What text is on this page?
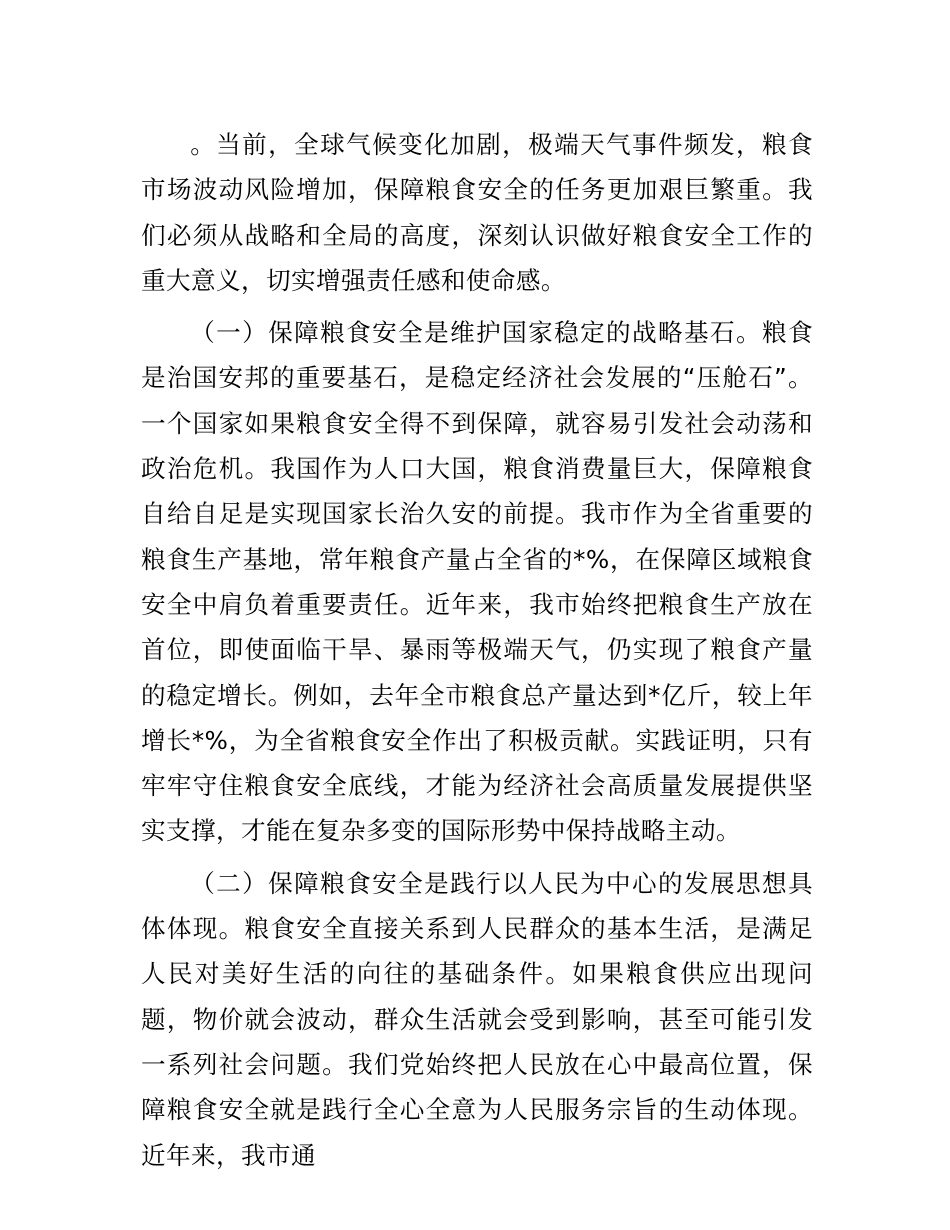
。当前，全球气候变化加剧，极端天气事件频发，粮食市场波动风险增加，保障粮食安全的任务更加艰巨繁重。我们必须从战略和全局的高度，深刻认识做好粮食安全工作的重大意义，切实增强责任感和使命感。

（一）保障粮食安全是维护国家稳定的战略基石。粮食是治国安邦的重要基石，是稳定经济社会发展的“压舱石”。一个国家如果粮食安全得不到保障，就容易引发社会动荡和政治危机。我国作为人口大国，粮食消费量巨大，保障粮食自给自足是实现国家长治久安的前提。我市作为全省重要的粮食生产基地，常年粮食产量占全省的*%，在保障区域粮食安全中肩负着重要责任。近年来，我市始终把粮食生产放在首位，即使面临干旱、暴雨等极端天气，仍实现了粮食产量的稳定增长。例如，去年全市粮食总产量达到*亿斤，较上年增长*%，为全省粮食安全作出了积极贡献。实践证明，只有牢牢守住粮食安全底线，才能为经济社会高质量发展提供坚实支撑，才能在复杂多变的国际形势中保持战略主动。

（二）保障粮食安全是践行以人民为中心的发展思想具体体现。粮食安全直接关系到人民群众的基本生活，是满足人民对美好生活的向往的基础条件。如果粮食供应出现问题，物价就会波动，群众生活就会受到影响，甚至可能引发一系列社会问题。我们党始终把人民放在心中最高位置，保障粮食安全就是践行全心全意为人民服务宗旨的生动体现。近年来，我市通
